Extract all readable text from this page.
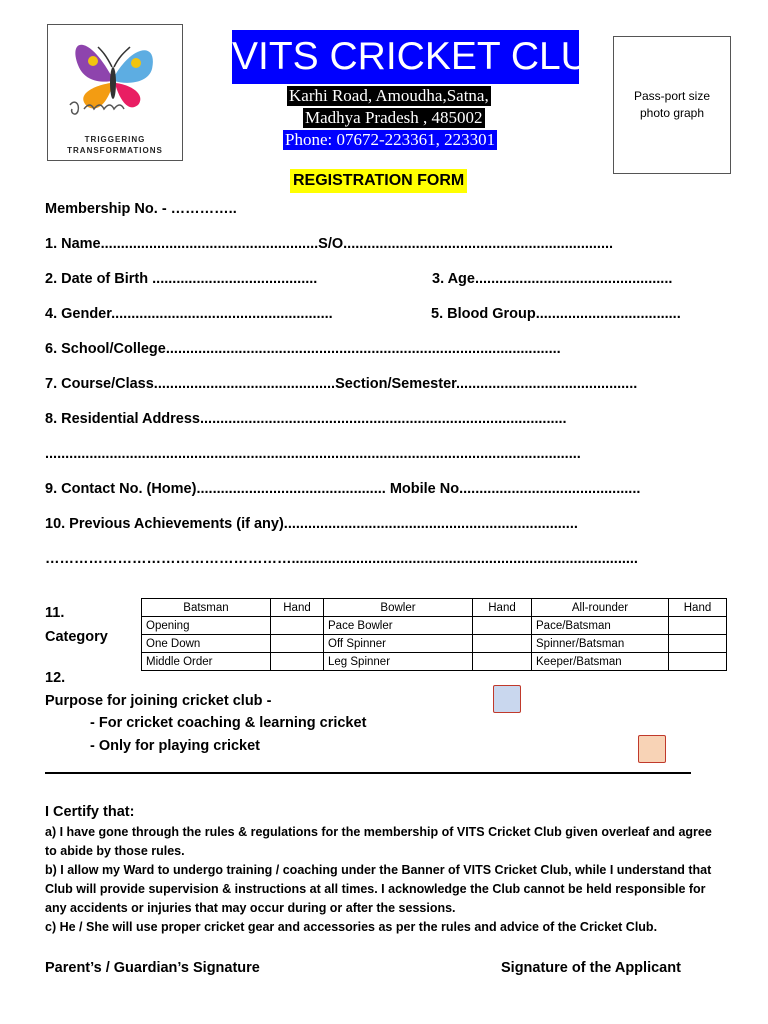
TRIGGERING
TRANSFORMATIONS
VITS CRICKET CLUB
Karhi Road, Amoudha,Satna,
Madhya Pradesh , 485002
Phone: 07672-223361, 223301
Pass-port size
photo graph
REGISTRATION FORM
Membership No. - …………..
1. Name......................................................S/O...................................................................
2. Date of Birth .........................................	3. Age.................................................
4. Gender.......................................................	5. Blood Group....................................
6. School/College..................................................................................................
7. Course/Class.............................................Section/Semester.............................................
8. Residential Address...........................................................................................
.....................................................................................................................................
9. Contact No. (Home)............................................... Mobile No.............................................
10. Previous Achievements (if any).........................................................................
……………………………………………......................................................................................
11.
Category
Batsman	Hand	Bowler	Hand	All-rounder	Hand
Opening		Pace Bowler		Pace/Batsman	
One Down		Off Spinner		Spinner/Batsman	
Middle Order		Leg Spinner		Keeper/Batsman	
12.
Purpose for joining cricket club -
- For cricket coaching & learning cricket
- Only for playing cricket
I Certify that:
a) I have gone through the rules & regulations for the membership of VITS Cricket Club given overleaf and agree to abide by those rules.
b) I allow my Ward to undergo training / coaching under the Banner of VITS Cricket Club, while I understand that Club will provide supervision & instructions at all times. I acknowledge the Club cannot be held responsible for any accidents or injuries that may occur during or after the sessions.
c) He / She will use proper cricket gear and accessories as per the rules and advice of the Cricket Club.
Parent’s / Guardian’s Signature	Signature of the Applicant
